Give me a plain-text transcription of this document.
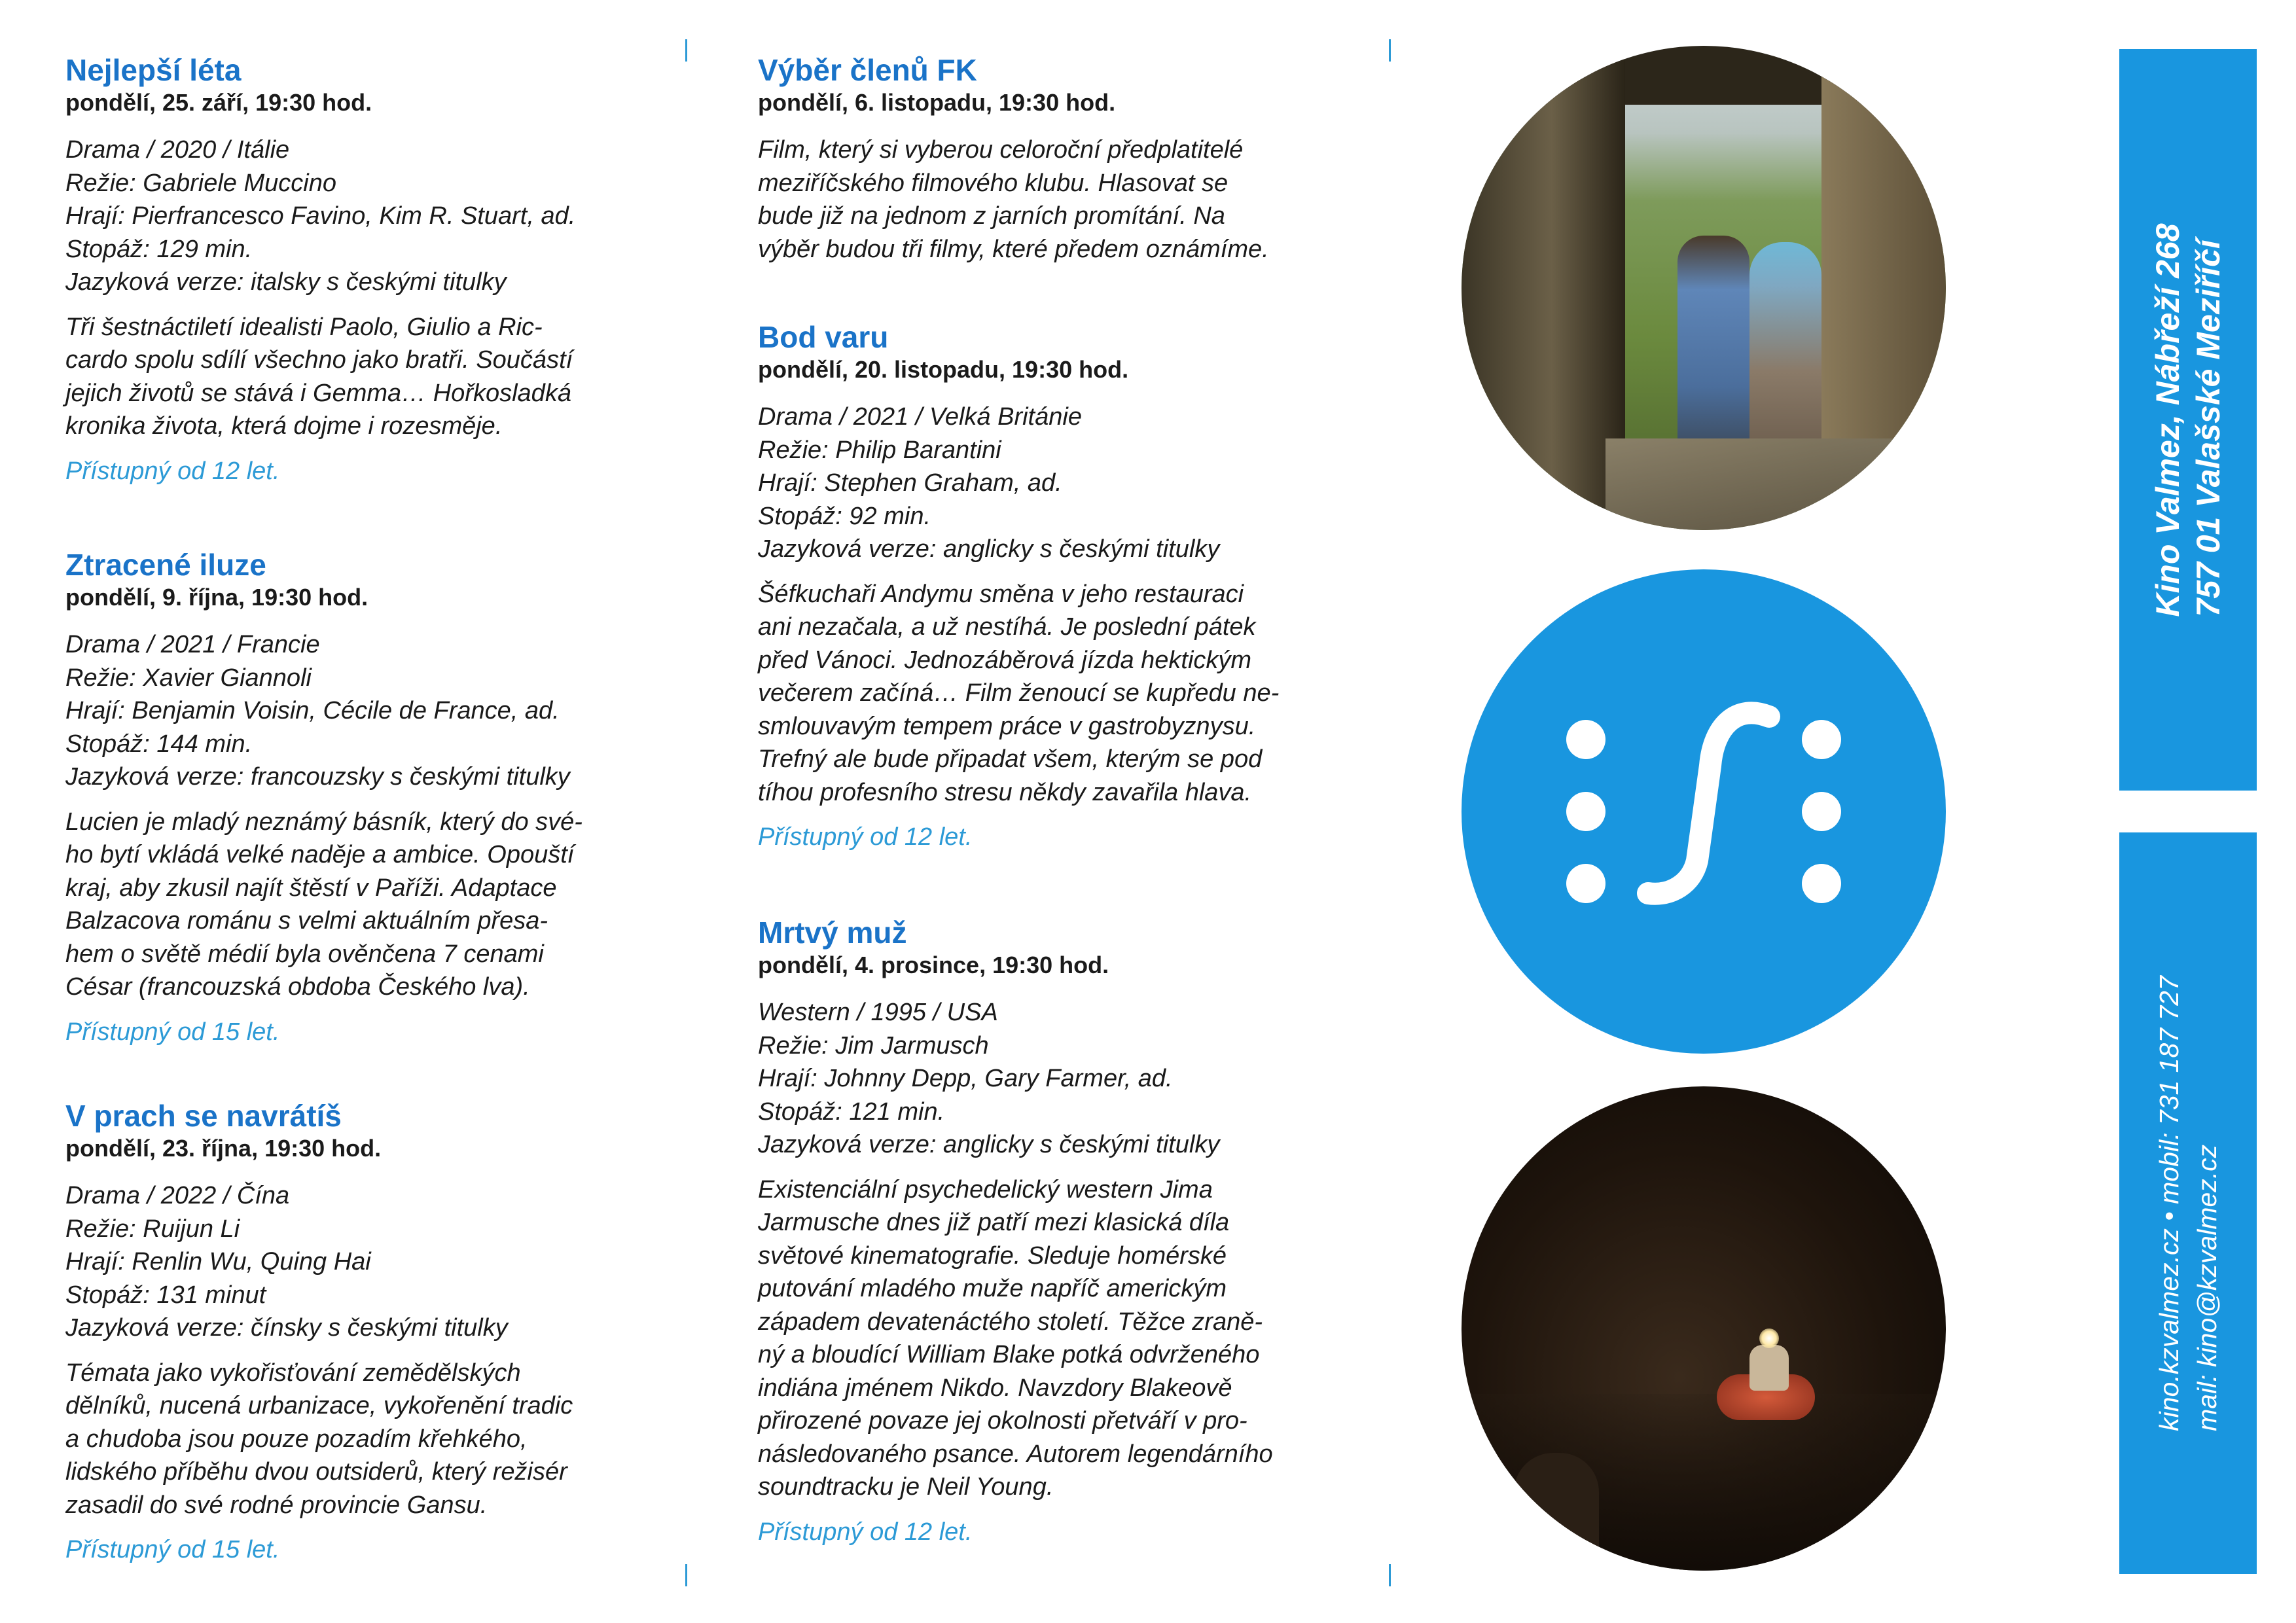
Nejlepší léta
pondělí, 25. září, 19:30 hod.
Drama / 2020 / Itálie
Režie: Gabriele Muccino
Hrají: Pierfrancesco Favino, Kim R. Stuart, ad.
Stopáž: 129 min.
Jazyková verze: italsky s českými titulky
Tři šestnáctiletí idealisti Paolo, Giulio a Ric-
cardo spolu sdílí všechno jako bratři. Součástí
jejich životů se stává i Gemma… Hořkosladká
kronika života, která dojme i rozesměje.
Přístupný od 12 let.
Ztracené iluze
pondělí, 9. října, 19:30 hod.
Drama / 2021 / Francie
Režie: Xavier Giannoli
Hrají: Benjamin Voisin, Cécile de France, ad.
Stopáž: 144 min.
Jazyková verze: francouzsky s českými titulky
Lucien je mladý neznámý básník, který do své-
ho bytí vkládá velké naděje a ambice. Opouští
kraj, aby zkusil najít štěstí v Paříži. Adaptace
Balzacova románu s velmi aktuálním přesa-
hem o světě médií byla ověnčena 7 cenami
César (francouzská obdoba Českého lva).
Přístupný od 15 let.
V prach se navrátíš
pondělí, 23. října, 19:30 hod.
Drama / 2022 / Čína
Režie: Ruijun Li
Hrají: Renlin Wu, Quing Hai
Stopáž: 131 minut
Jazyková verze: čínsky s českými titulky
Témata jako vykořisťování zemědělských
dělníků, nucená urbanizace, vykořenění tradic
a chudoba jsou pouze pozadím křehkého,
lidského příběhu dvou outsiderů, který režisér
zasadil do své rodné provincie Gansu.
Přístupný od 15 let.
Výběr členů FK
pondělí, 6. listopadu, 19:30 hod.
Film, který si vyberou celoroční předplatitelé
meziříčského filmového klubu. Hlasovat se
bude již na jednom z jarních promítání. Na
výběr budou tři filmy, které předem oznámíme.
Bod varu
pondělí, 20. listopadu, 19:30 hod.
Drama / 2021 / Velká Británie
Režie: Philip Barantini
Hrají: Stephen Graham, ad.
Stopáž: 92 min.
Jazyková verze: anglicky s českými titulky
Šéfkuchaři Andymu směna v jeho restauraci
ani nezačala, a už nestíhá. Je poslední pátek
před Vánoci. Jednozáběrová jízda hektickým
večerem začíná… Film ženoucí se kupředu ne-
smlouvavým tempem práce v gastrobyznysu.
Trefný ale bude připadat všem, kterým se pod
tíhou profesního stresu někdy zavařila hlava.
Přístupný od 12 let.
Mrtvý muž
pondělí, 4. prosince, 19:30 hod.
Western / 1995 / USA
Režie: Jim Jarmusch
Hrají: Johnny Depp, Gary Farmer, ad.
Stopáž: 121 min.
Jazyková verze: anglicky s českými titulky
Existenciální psychedelický western Jima
Jarmusche dnes již patří mezi klasická díla
světové kinematografie. Sleduje homérské
putování mladého muže napříč americkým
západem devatenáctého století. Těžce zraně-
ný a bloudící William Blake potká odvrženého
indiána jménem Nikdo. Navzdory Blakeově
přirozené povaze jej okolnosti přetváří v pro-
následovaného psance. Autorem legendárního
soundtracku je Neil Young.
Přístupný od 12 let.
Kino Valmez, Nábřeží 268 757 01 Valašské Meziříčí
kino.kzvalmez.cz • mobil: 731 187 727 mail: kino@kzvalmez.cz
